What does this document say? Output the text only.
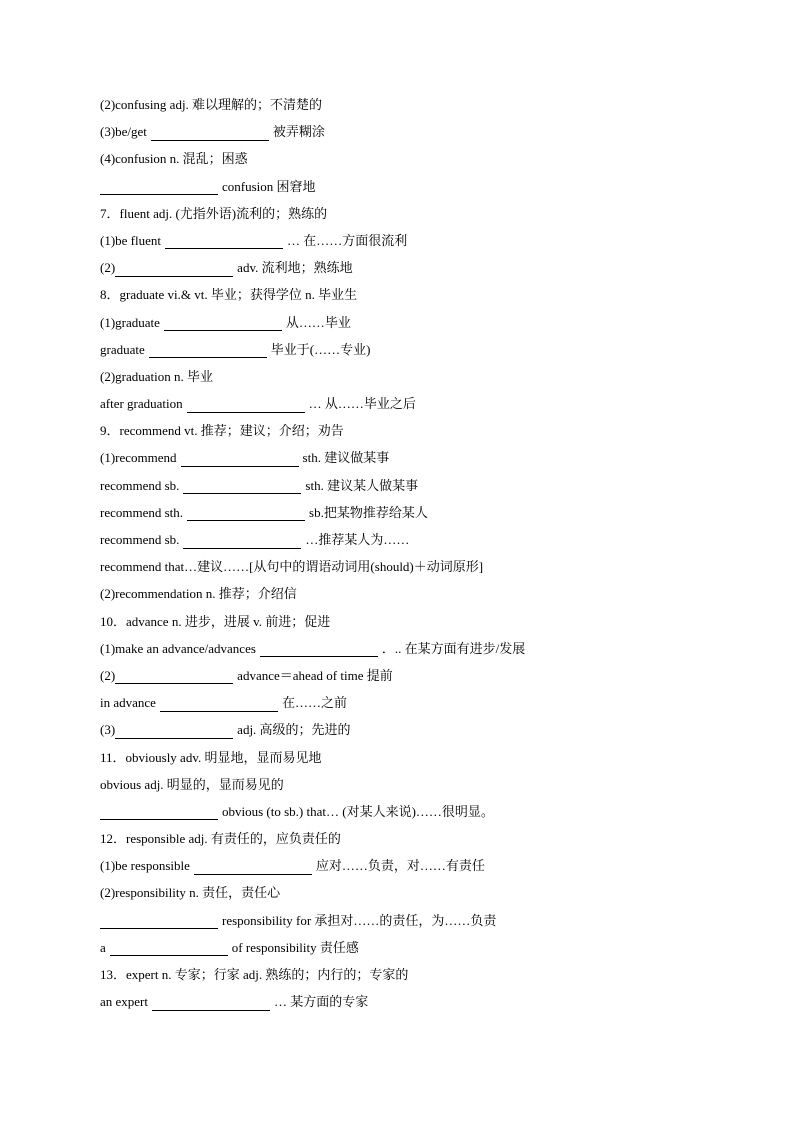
(2)confusing adj. 难以理解的；不清楚的
(3)be/get	被弄糊涂
(4)confusion n. 混乱；困惑
confusion 困窘地
7．fluent adj. (尤指外语)流利的；熟练的
(1)be fluent	… 在……方面很流利
(2)	adv. 流利地；熟练地
8．graduate vi.& vt. 毕业；获得学位 n. 毕业生
(1)graduate	从……毕业
graduate	毕业于(……专业)
(2)graduation n. 毕业
after graduation	… 从……毕业之后
9．recommend vt. 推荐；建议；介绍；劝告
(1)recommend	sth. 建议做某事
recommend sb.	sth. 建议某人做某事
recommend sth.	sb.把某物推荐给某人
recommend sb.	…推荐某人为……
recommend that…建议……[从句中的谓语动词用(should)＋动词原形]
(2)recommendation n. 推荐；介绍信
10．advance n. 进步，进展 v. 前进；促进
(1)make an advance/advances	．.. 在某方面有进步/发展
(2)	advance＝ahead of time 提前
in advance	在……之前
(3)	adj. 高级的；先进的
11．obviously adv. 明显地，显而易见地
obvious adj. 明显的，显而易见的
obvious (to sb.) that… (对某人来说)……很明显。
12．responsible adj. 有责任的，应负责任的
(1)be responsible	应对……负责，对……有责任
(2)responsibility n. 责任，责任心
responsibility for 承担对……的责任，为……负责
a	of responsibility 责任感
13．expert n. 专家；行家 adj. 熟练的；内行的；专家的
an expert	… 某方面的专家
